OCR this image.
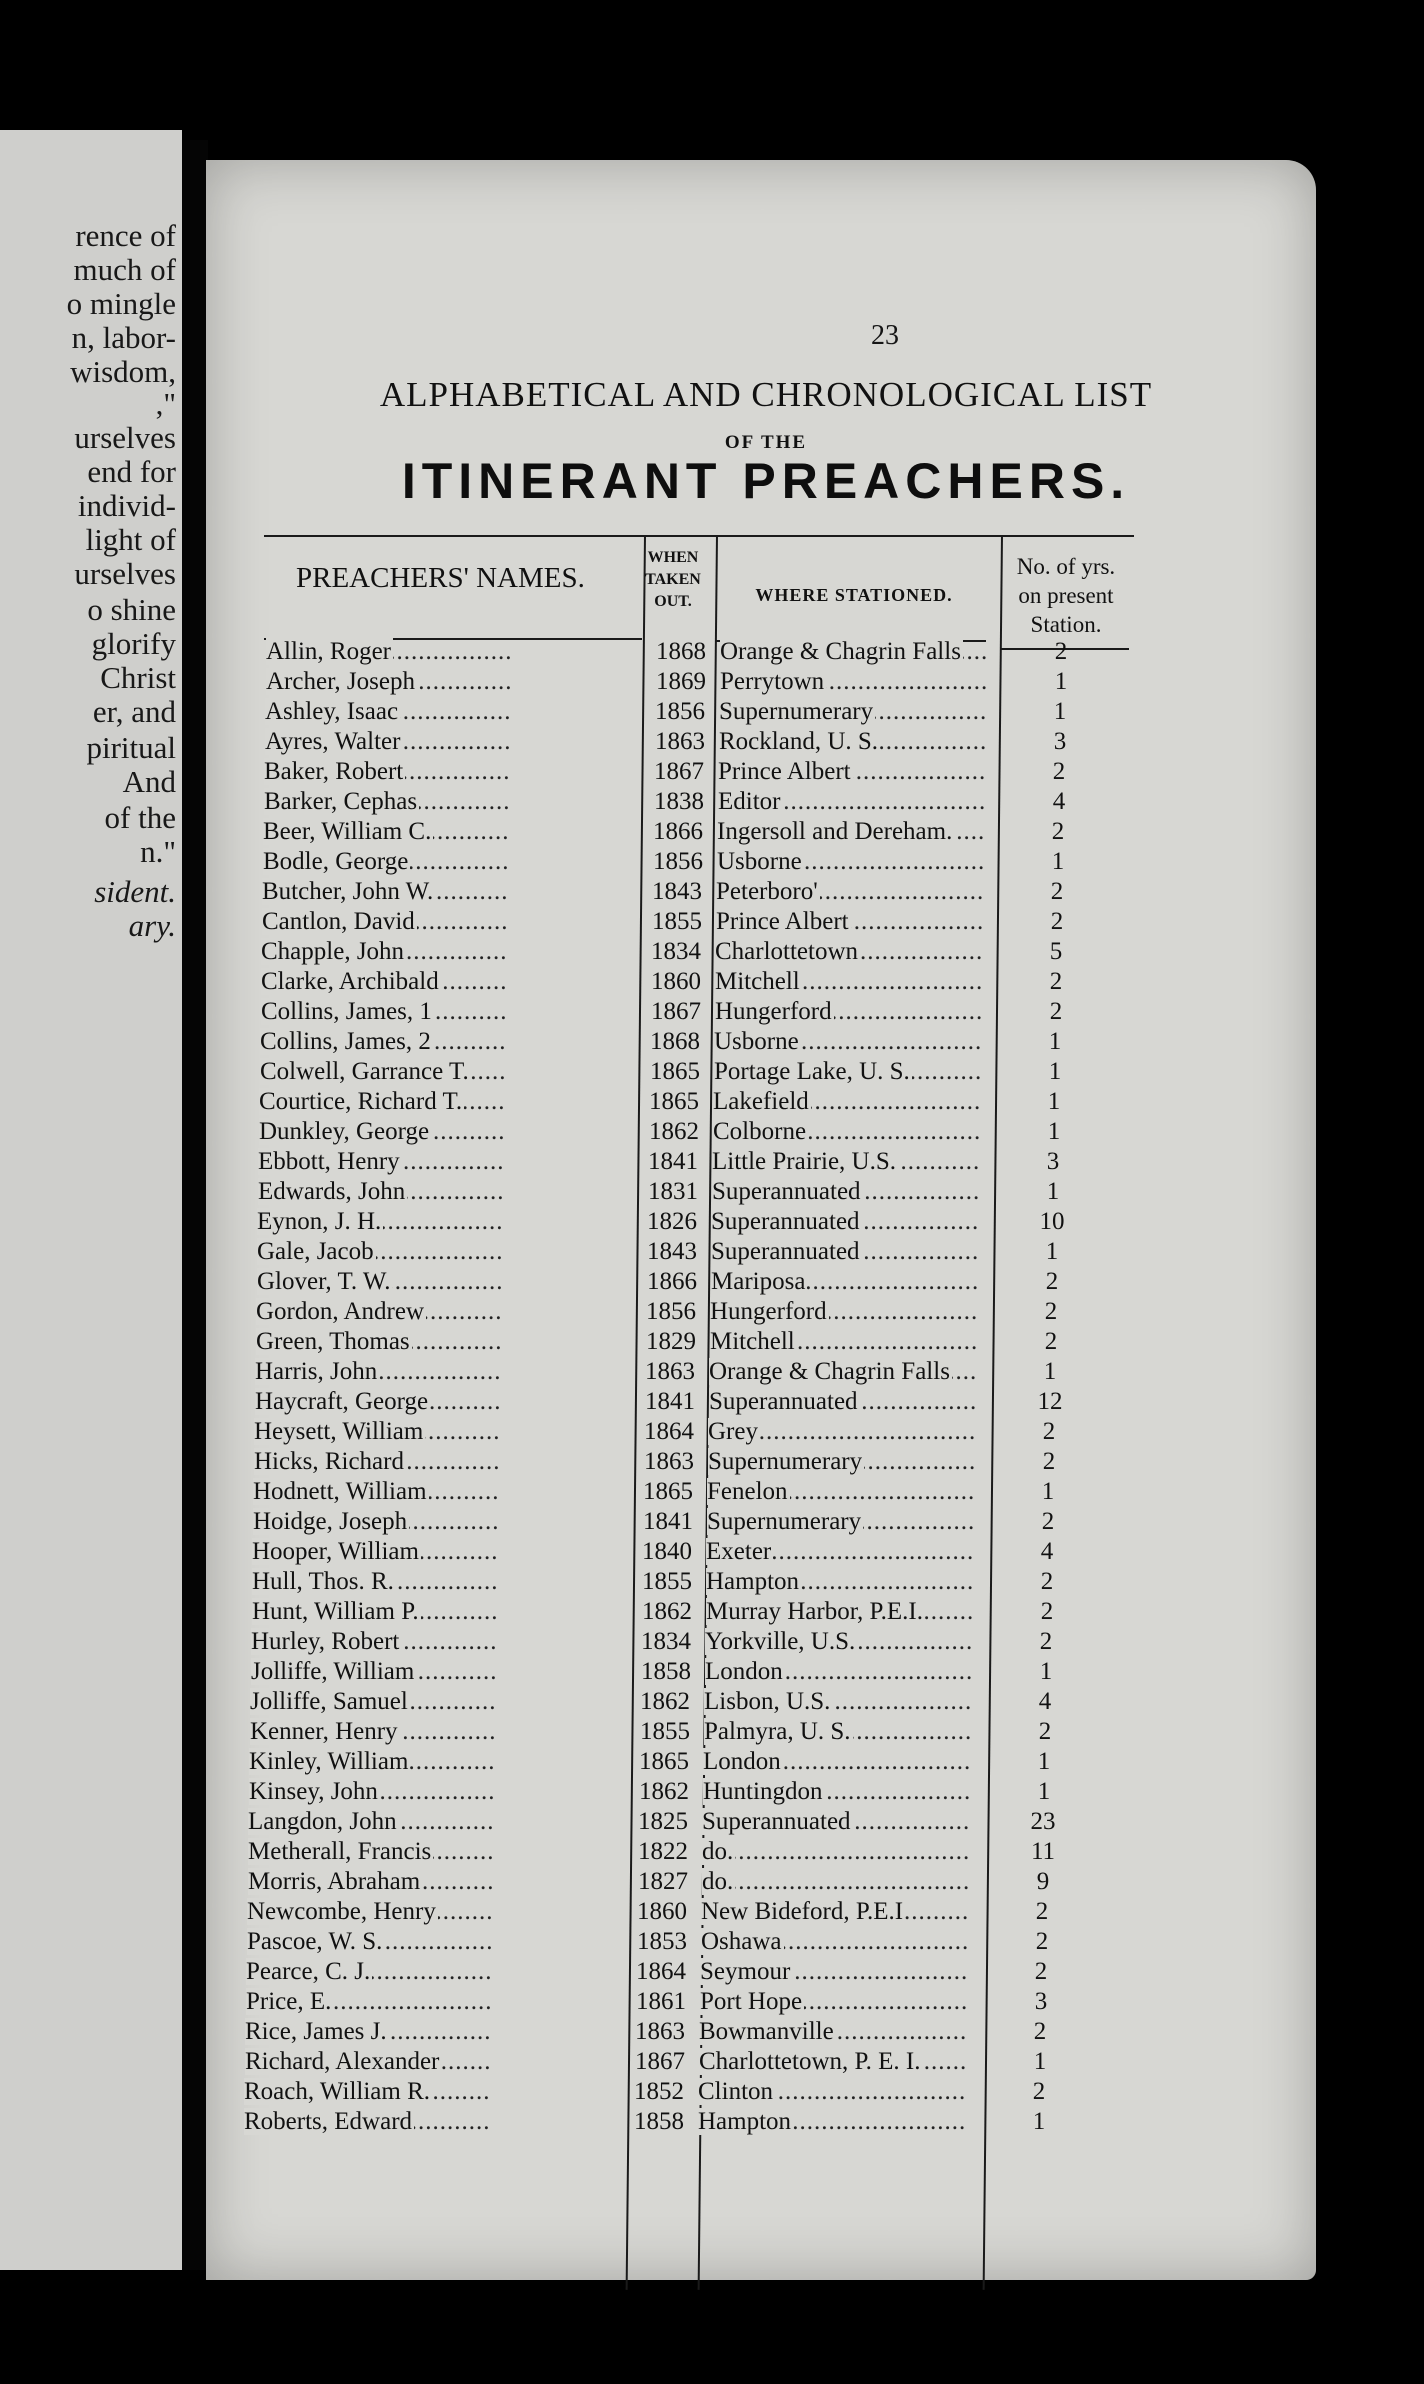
rence of
much of
o mingle
n, labor-
wisdom,
,"
urselves
end for
individ-
light of
urselves
o shine
glorify
Christ
er, and
piritual
And
of the
n."
sident.
ary.
23
ALPHABETICAL AND CHRONOLOGICAL LIST
OF THE
ITINERANT PREACHERS.
PREACHERS' NAMES.
WHEN
TAKEN
OUT.	WHERE STATIONED.
No. of yrs.
on present
Station.
.....
Allin, Roger	1868 ..... Orange & Chagrin Falls	2
.....
Archer, Joseph	1869 ..... Perrytown	1
.....
Ashley, Isaac	1856 ..... Supernumerary	1
.....
Ayres, Walter	1863 ..... Rockland, U. S.	3
.....
Baker, Robert	1867 ..... Prince Albert	2
.....
Barker, Cephas	1838 ..... Editor	4
.....
Beer, William C.	1866 ..... Ingersoll and Dereham.	2
.....
Bodle, George	1856 ..... Usborne	1
.....
Butcher, John W.	1843 ..... Peterboro'	2
.....
Cantlon, David	1855 ..... Prince Albert	2
.....
Chapple, John	1834 ..... Charlottetown	5
.....
Clarke, Archibald	1860 ..... Mitchell	2
.....
Collins, James, 1	1867 ..... Hungerford	2
.....
Collins, James, 2	1868 ..... Usborne	1
.....
Colwell, Garrance T.	1865 ..... Portage Lake, U. S.	1
.....
Courtice, Richard T.	1865 ..... Lakefield	1
.....
Dunkley, George	1862 ..... Colborne	1
.....
Ebbott, Henry	1841 ..... Little Prairie, U.S.	3
.....
Edwards, John	1831 ..... Superannuated	1
.....
Eynon, J. H.	1826 ..... Superannuated	10
.....
Gale, Jacob	1843 ..... Superannuated	1
.....
Glover, T. W.	1866 ..... Mariposa	2
.....
Gordon, Andrew	1856 ..... Hungerford	2
.....
Green, Thomas	1829 ..... Mitchell	2
.....
Harris, John	1863 ..... Orange & Chagrin Falls	1
.....
Haycraft, George	1841 ..... Superannuated	12
.....
Heysett, William	1864 ..... Grey	2
.....
Hicks, Richard	1863 ..... Supernumerary	2
.....
Hodnett, William	1865 ..... Fenelon	1
.....
Hoidge, Joseph	1841 ..... Supernumerary	2
.....
Hooper, William	1840 ..... Exeter	4
.....
Hull, Thos. R.	1855 ..... Hampton	2
.....
Hunt, William P.	1862 ..... Murray Harbor, P.E.I.	2
.....
Hurley, Robert	1834 ..... Yorkville, U.S.	2
.....
Jolliffe, William	1858 ..... London	1
.....
Jolliffe, Samuel	1862 ..... Lisbon, U.S.	4
.....
Kenner, Henry	1855 ..... Palmyra, U. S.	2
.....
Kinley, William	1865 ..... London	1
.....
Kinsey, John	1862 ..... Huntingdon	1
.....
Langdon, John	1825 ..... Superannuated	23
.....
Metherall, Francis	1822 ..... do.	11
.....
Morris, Abraham	1827 ..... do.	9
.....
Newcombe, Henry	1860 ..... New Bideford, P.E.I	2
.....
Pascoe, W. S.	1853 ..... Oshawa	2
.....
Pearce, C. J.	1864 ..... Seymour	2
.....
Price, E.	1861 ..... Port Hope	3
.....
Rice, James J.	1863 ..... Bowmanville	2
.....
Richard, Alexander	1867 ..... Charlottetown, P. E. I.	1
.....
Roach, William R.	1852 ..... Clinton	2
.....
Roberts, Edward	1858 ..... Hampton	1
